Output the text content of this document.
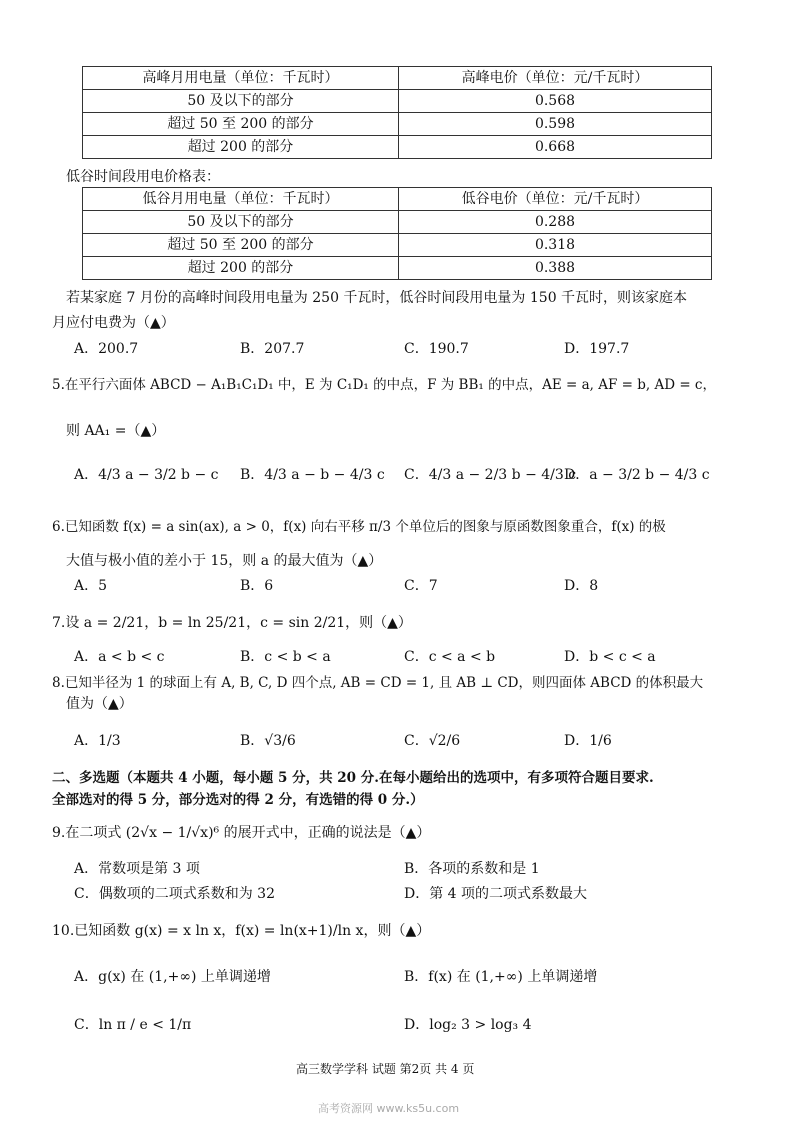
高峰月用电量（单位：千瓦时）	高峰电价（单位：元/千瓦时）
50 及以下的部分	0.568
超过 50 至 200 的部分	0.598
超过 200 的部分	0.668
低谷时间段用电价格表：
低谷月用电量（单位：千瓦时）	低谷电价（单位：元/千瓦时）
50 及以下的部分	0.288
超过 50 至 200 的部分	0.318
超过 200 的部分	0.388
若某家庭 7 月份的高峰时间段用电量为 250 千瓦时，低谷时间段用电量为 150 千瓦时，则该家庭本
月应付电费为（▲）
A．200.7	B．207.7	C．190.7	D．197.7
5.在平行六面体 ABCD − A₁B₁C₁D₁ 中，E 为 C₁D₁ 的中点，F 为 BB₁ 的中点，AE = a, AF = b, AD = c，
则 AA₁ =（▲）
A．4/3 a − 3/2 b − c B．4/3 a − b − 4/3 c C．4/3 a − 2/3 b − 4/3 c
D．a − 3/2 b − 4/3 c
6.已知函数 f(x) = a sin(ax), a > 0，f(x) 向右平移 π/3 个单位后的图象与原函数图象重合，f(x) 的极
大值与极小值的差小于 15，则 a 的最大值为（▲）
A．5	B．6	C．7	D．8
7.设 a = 2/21，b = ln 25/21，c = sin 2/21，则（▲）
A．a < b < c	B．c < b < a	C．c < a < b	D．b < c < a
8.已知半径为 1 的球面上有 A, B, C, D 四个点, AB = CD = 1, 且 AB ⊥ CD，则四面体 ABCD 的体积最大
值为（▲）
A．1/3	B．√3/6	C．√2/6	D．1/6
二、多选题（本题共 4 小题，每小题 5 分，共 20 分.在每小题给出的选项中，有多项符合题目要求.
全部选对的得 5 分，部分选对的得 2 分，有选错的得 0 分.）
9.在二项式 (2√x − 1/√x)⁶ 的展开式中，正确的说法是（▲）
A．常数项是第 3 项	B．各项的系数和是 1
C．偶数项的二项式系数和为 32	D．第 4 项的二项式系数最大
10.已知函数 g(x) = x ln x，f(x) = ln(x+1)/ln x，则（▲）
A．g(x) 在 (1,+∞) 上单调递增	B．f(x) 在 (1,+∞) 上单调递增
C．ln π / e < 1/π	D．log₂ 3 > log₃ 4
高三数学学科 试题 第2页 共 4 页
高考资源网 www.ks5u.com
